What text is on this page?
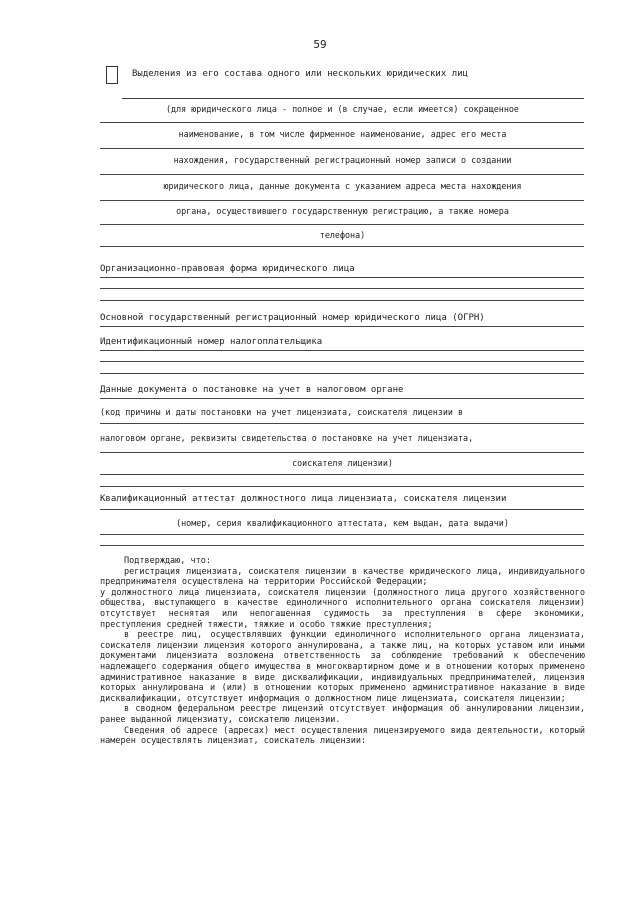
59
Выделения из его состава одного или нескольких юридических лиц
(для юридического лица - полное и (в случае, если имеется) сокращенное
наименование, в том числе фирменное наименование, адрес его места
нахождения, государственный регистрационный номер записи о создании
юридического лица, данные документа с указанием адреса места нахождения
органа, осуществившего государственную регистрацию, а также номера
телефона)
Организационно-правовая форма юридического лица
Основной государственный регистрационный номер юридического лица (ОГРН)
Идентификационный номер налогоплательщика
Данные документа о постановке на учет в налоговом органе
(код причины и даты постановки на учет лицензиата, соискателя лицензии в
налоговом органе, реквизиты свидетельства о постановке на учет лицензиата,
соискателя лицензии)
Квалификационный аттестат должностного лица лицензиата, соискателя лицензии
(номер, серия квалификационного аттестата, кем выдан, дата выдачи)

Подтверждаю, что:

регистрация лицензиата, соискателя лицензии в качестве юридического лица, индивидуального предпринимателя осуществлена на территории Российской Федерации;

у должностного лица лицензиата, соискателя лицензии (должностного лица другого хозяйственного общества, выступающего в качестве единоличного исполнительного органа соискателя лицензии) отсутствует неснятая или непогашенная судимость за преступления в сфере экономики, преступления средней тяжести, тяжкие и особо тяжкие преступления;

в реестре лиц, осуществлявших функции единоличного исполнительного органа лицензиата, соискателя лицензии лицензия которого аннулирована, а также лиц, на которых уставом или иными документами лицензиата возложена ответственность за соблюдение требований к обеспечению надлежащего содержания общего имущества в многоквартирном доме и в отношении которых применено административное наказание в виде дисквалификации, индивидуальных предпринимателей, лицензия которых аннулирована и (или) в отношении которых применено административное наказание в виде дисквалификации, отсутствует информация о должностном лице лицензиата, соискателя лицензии;

в сводном федеральном реестре лицензий отсутствует информация об аннулировании лицензии, ранее выданной лицензиату, соискателю лицензии.

Сведения об адресе (адресах) мест осуществления лицензируемого вида деятельности, который намерен осуществлять лицензиат, соискатель лицензии:
